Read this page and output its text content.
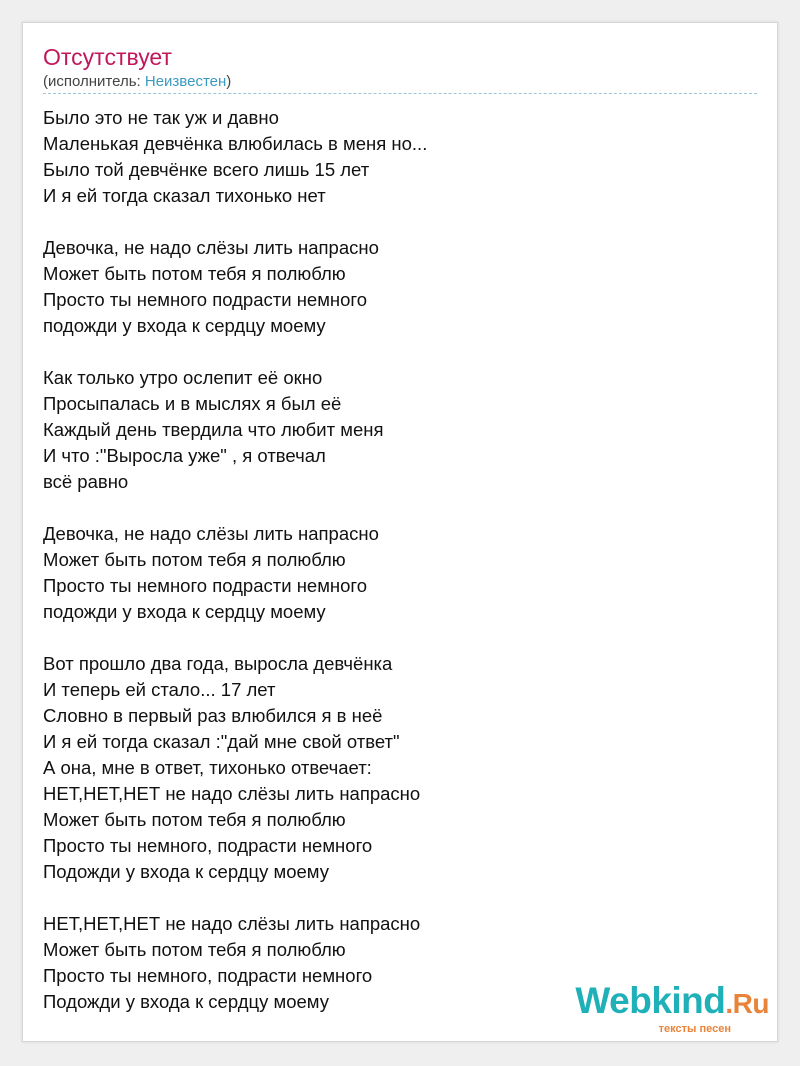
Отсутствует
(исполнитель: Неизвестен)
Было это не так уж и давно
Маленькая девчёнка влюбилась в меня но...
Было той девчёнке всего лишь 15 лет
И я ей тогда сказал тихонько нет
Девочка, не надо слёзы лить напрасно
Может быть потом тебя я полюблю
Просто ты немного подрасти немного
подожди у входа к сердцу моему
Как только утро ослепит её окно
Просыпалась и в мыслях я был её
Каждый день твердила что любит меня
И что :"Выросла уже" , я отвечал
всё равно
Девочка, не надо слёзы лить напрасно
Может быть потом тебя я полюблю
Просто ты немного подрасти немного
подожди у входа к сердцу моему
Вот прошло два года, выросла девчёнка
И теперь ей стало... 17 лет
Словно в первый раз влюбился я в неё
И я ей тогда сказал :"дай мне свой ответ"
А она, мне в ответ, тихонько отвечает:
НЕТ,НЕТ,НЕТ не надо слёзы лить напрасно
Может быть потом тебя я полюблю
Просто ты немного, подрасти немного
Подожди у входа к сердцу моему
НЕТ,НЕТ,НЕТ не надо слёзы лить напрасно
Может быть потом тебя я полюблю
Просто ты немного, подрасти немного
Подожди у входа к сердцу моему	Webkind.Ru
тексты песен
